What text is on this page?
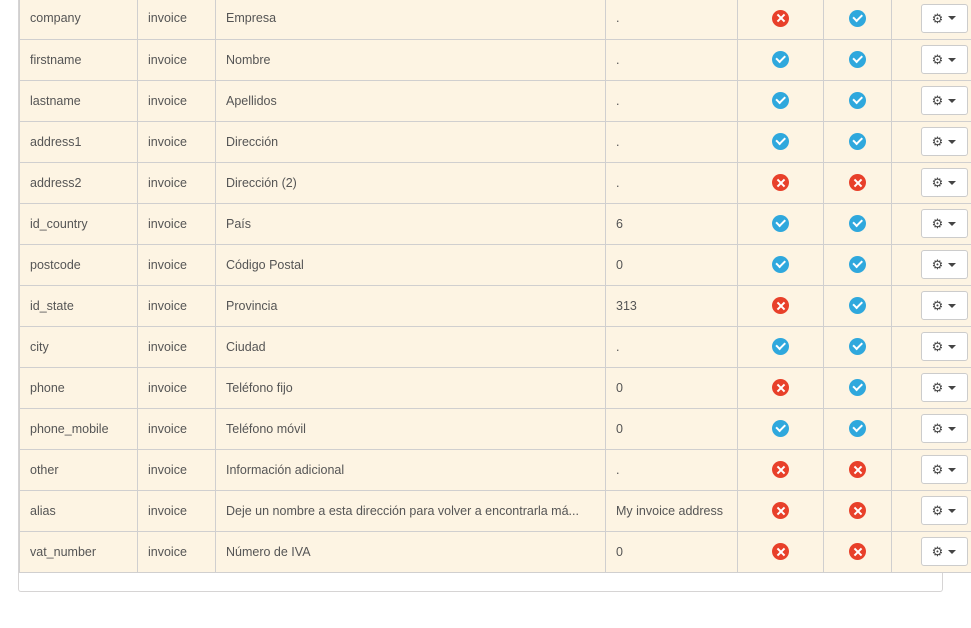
company	invoice	Empresa	.			⚙

firstname	invoice	Nombre	.			⚙

lastname	invoice	Apellidos	.			⚙

address1	invoice	Dirección	.			⚙

address2	invoice	Dirección (2)	.			⚙

id_country	invoice	País	6			⚙

postcode	invoice	Código Postal	0			⚙

id_state	invoice	Provincia	313			⚙

city	invoice	Ciudad	.			⚙

phone	invoice	Teléfono fijo	0			⚙

phone_mobile	invoice	Teléfono móvil	0			⚙

other	invoice	Información adicional	.			⚙

alias	invoice	Deje un nombre a esta dirección para volver a encontrarla má...	My invoice address			⚙

vat_number	invoice	Número de IVA	0			⚙
